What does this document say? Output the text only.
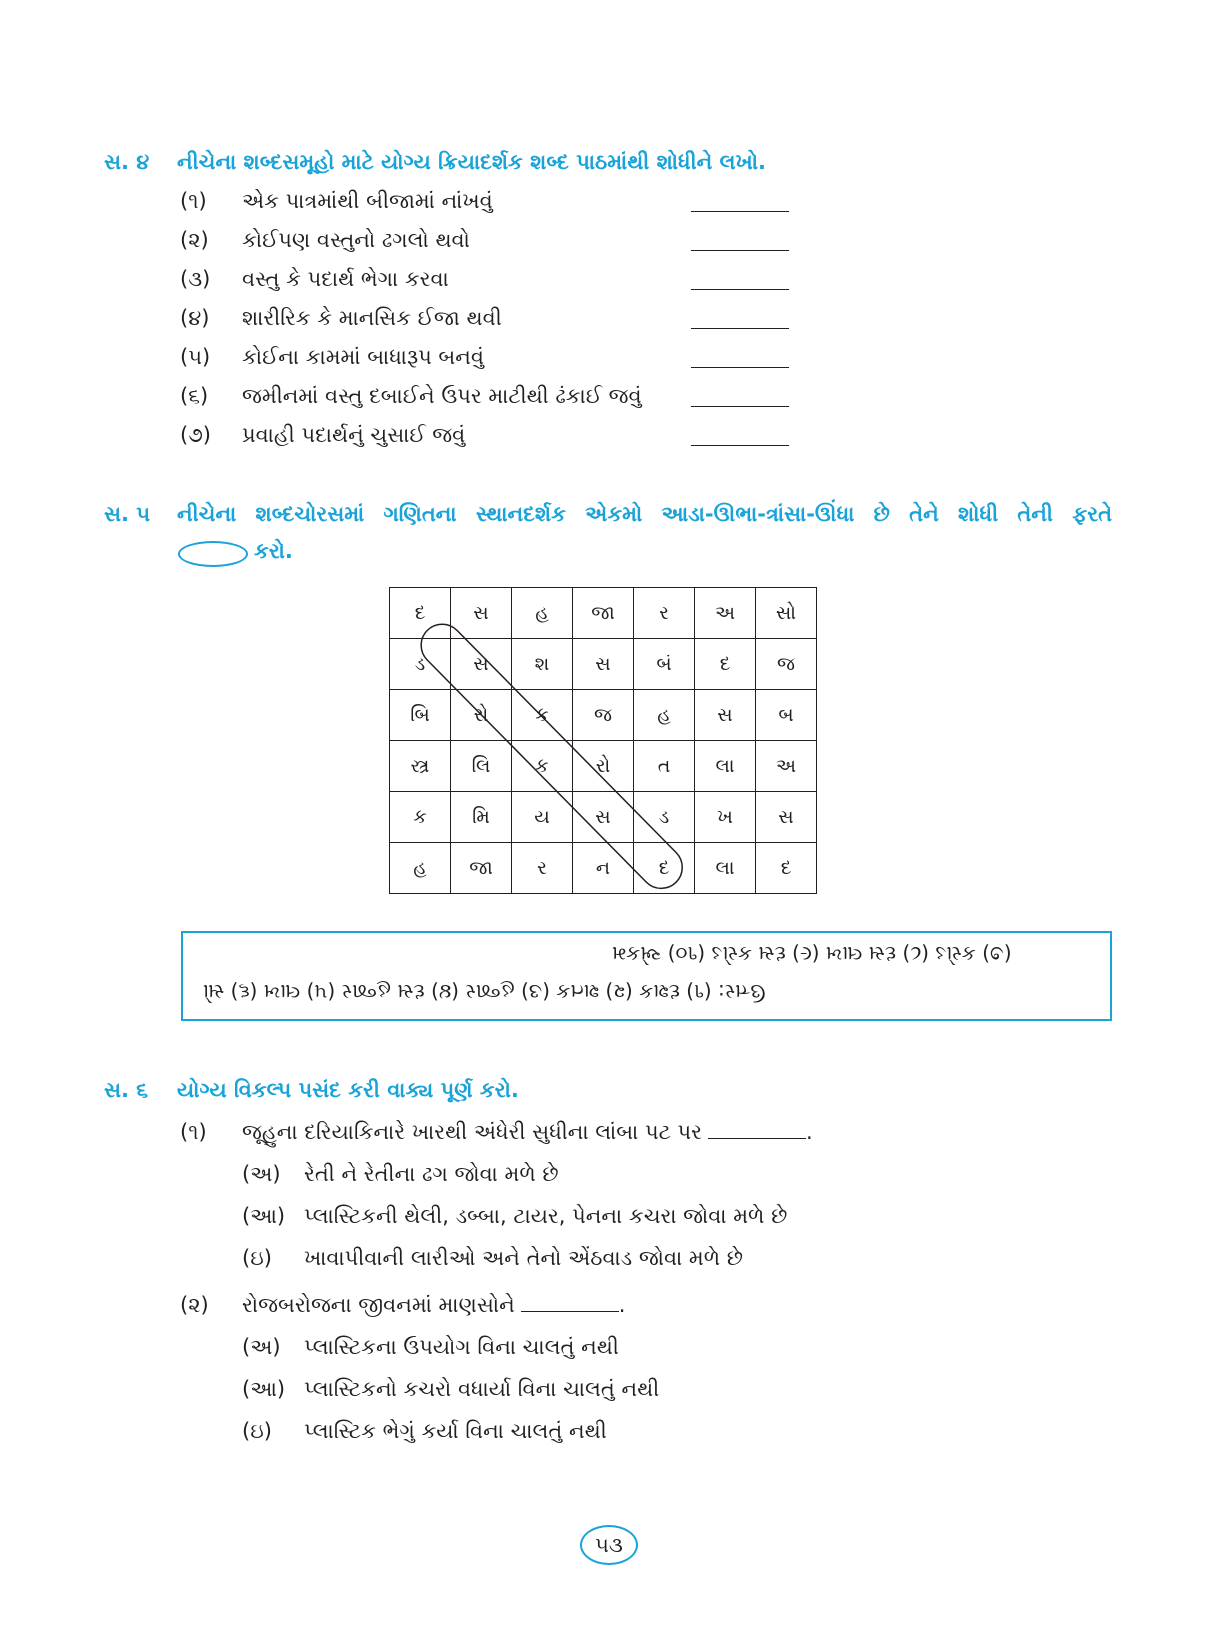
સ. ૪ નીચેના શબ્દસમૂહો માટે યોગ્ય ક્રિયાદર્શક શબ્દ પાઠમાંથી શોધીને લખો.
(૧) એક પાત્રમાંથી બીજામાં નાંખવું
(૨) કોઈપણ વસ્તુનો ઢગલો થવો
(૩) વસ્તુ કે પદાર્થ ભેગા કરવા
(૪) શારીરિક કે માનસિક ઈજા થવી
(૫) કોઈના કામમાં બાધારૂપ બનવું
(૬) જમીનમાં વસ્તુ દબાઈને ઉપર માટીથી ઢંકાઈ જવું
(૭) પ્રવાહી પદાર્થનું ચુસાઈ જવું
સ. ૫ નીચેના શબ્દચોરસમાં ગણિતના સ્થાનદર્શક એકમો આડા-ઊભા-ત્રાંસા-ઊંધા છે તેને શોધી તેની ફરતે
કરો.
દ	સ	હ	જા	ર	અ	સો
ડ	સ	શ	સ	બં	દ	જ
બિ	રો	ક	જ	હ	સ	બ
સ્ત્ર	લિ	ક	રો	ત	લા	અ
ક	મિ	ય	સ	ડ	ખ	સ
હ	જા	ર	ન	દ	લા	દ
(૭) કરોડ (૮) દસ લાખ (૯) દસ કરોડ (૧૦) એકમ
ઉત્તર: (૧) દશક (૨) શતક (૩) હજાર (૪) દસ હજાર (૫) લાખ (૬) સો
સ. ૬ યોગ્ય વિકલ્પ પસંદ કરી વાક્ય પૂર્ણ કરો.
(૧) જૂહુના દરિયાકિનારે ખારથી અંધેરી સુધીના લાંબા પટ પર	.
(અ) રેતી ને રેતીના ઢગ જોવા મળે છે
(આ) પ્લાસ્ટિકની થેલી, ડબ્બા, ટાયર, પેનના કચરા જોવા મળે છે
(ઇ) ખાવાપીવાની લારીઓ અને તેનો એંઠવાડ જોવા મળે છે
(૨) રોજબરોજના જીવનમાં માણસોને	.
(અ) પ્લાસ્ટિકના ઉપયોગ વિના ચાલતું નથી
(આ) પ્લાસ્ટિકનો કચરો વધાર્યા વિના ચાલતું નથી
(ઇ) પ્લાસ્ટિક ભેગું કર્યા વિના ચાલતું નથી
૫૩
